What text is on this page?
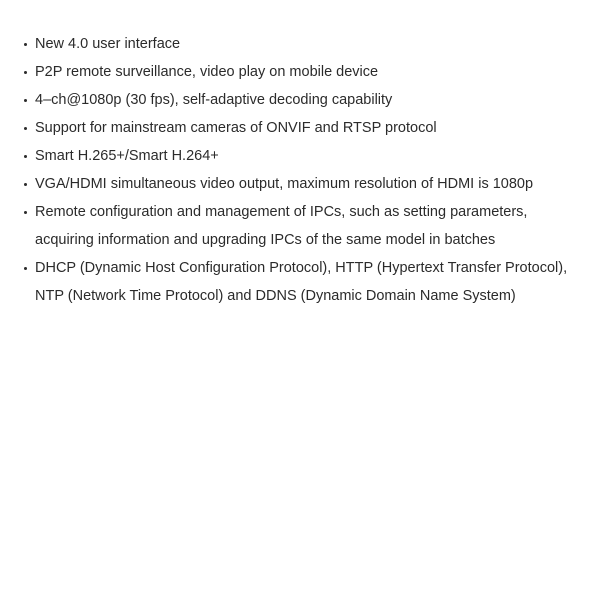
New 4.0 user interface
P2P remote surveillance, video play on mobile device
4–ch@1080p (30 fps), self-adaptive decoding capability
Support for mainstream cameras of ONVIF and RTSP protocol
Smart H.265+/Smart H.264+
VGA/HDMI simultaneous video output, maximum resolution of HDMI is 1080p
Remote configuration and management of IPCs, such as setting parameters, acquiring information and upgrading IPCs of the same model in batches
DHCP (Dynamic Host Configuration Protocol), HTTP (Hypertext Transfer Protocol), NTP (Network Time Protocol) and DDNS (Dynamic Domain Name System)
